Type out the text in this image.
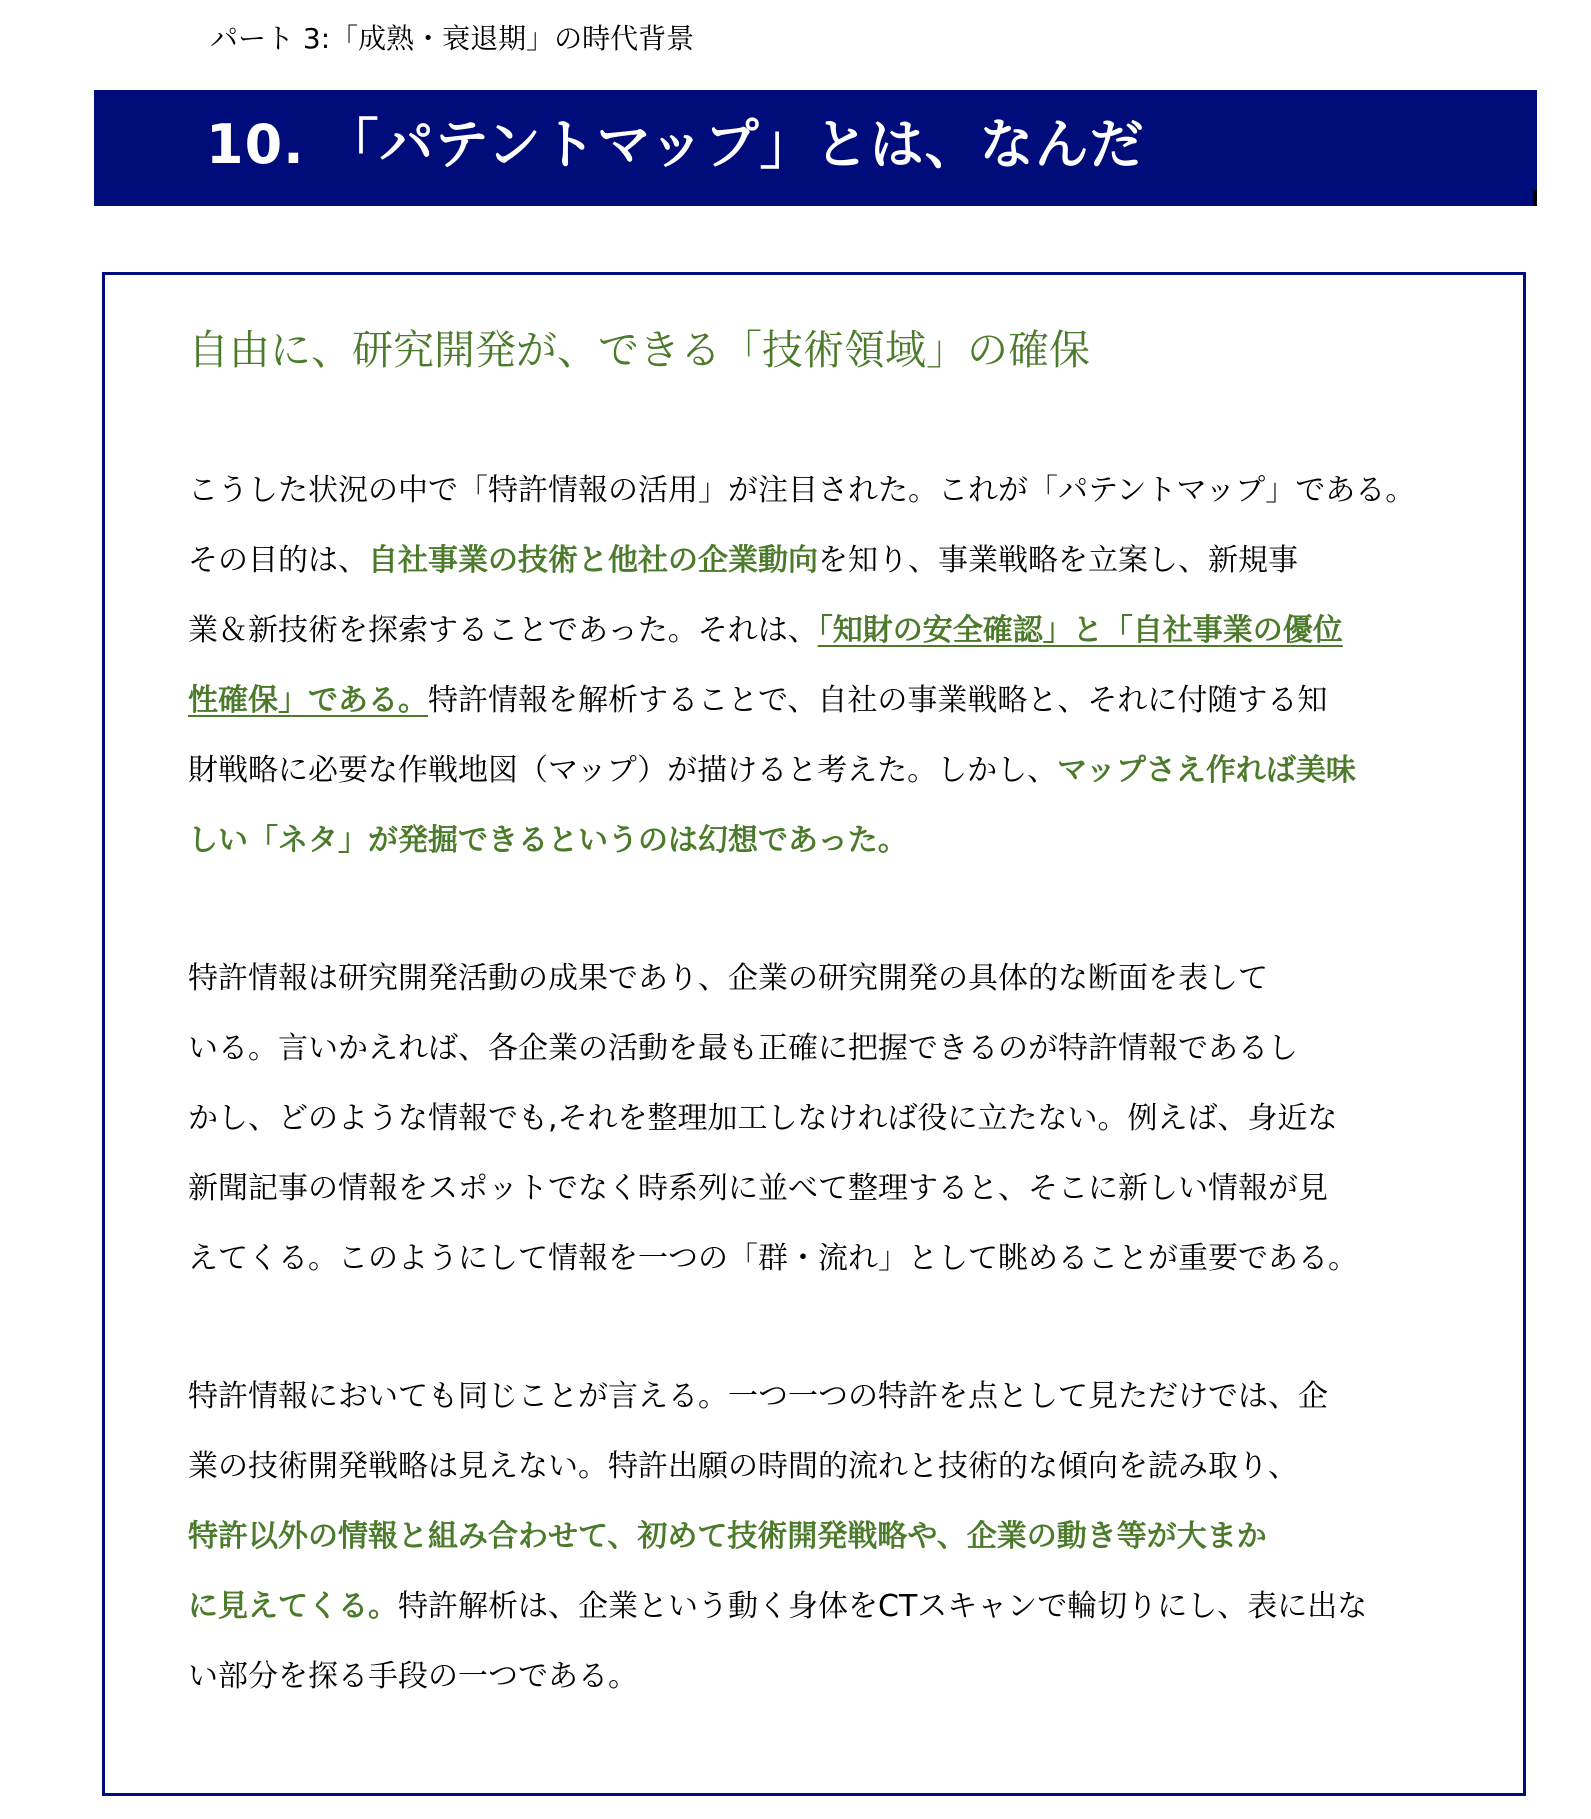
パート 3:「成熟・衰退期」の時代背景
10. 「パテントマップ」とは、なんだ
自由に、研究開発が、できる「技術領域」の確保
こうした状況の中で「特許情報の活用」が注目された。これが「パテントマップ」である。
その目的は、自社事業の技術と他社の企業動向を知り、事業戦略を立案し、新規事
業＆新技術を探索することであった。それは、「知財の安全確認」と「自社事業の優位
性確保」である。特許情報を解析することで、自社の事業戦略と、それに付随する知
財戦略に必要な作戦地図（マップ）が描けると考えた。しかし、マップさえ作れば美味
しい「ネタ」が発掘できるというのは幻想であった。
特許情報は研究開発活動の成果であり、企業の研究開発の具体的な断面を表して
いる。言いかえれば、各企業の活動を最も正確に把握できるのが特許情報であるし
かし、どのような情報でも,それを整理加工しなければ役に立たない。例えば、身近な
新聞記事の情報をスポットでなく時系列に並べて整理すると、そこに新しい情報が見
えてくる。このようにして情報を一つの「群・流れ」として眺めることが重要である。
特許情報においても同じことが言える。一つ一つの特許を点として見ただけでは、企
業の技術開発戦略は見えない。特許出願の時間的流れと技術的な傾向を読み取り、
特許以外の情報と組み合わせて、初めて技術開発戦略や、企業の動き等が大まか
に見えてくる。特許解析は、企業という動く身体をCTスキャンで輪切りにし、表に出な
い部分を探る手段の一つである。
